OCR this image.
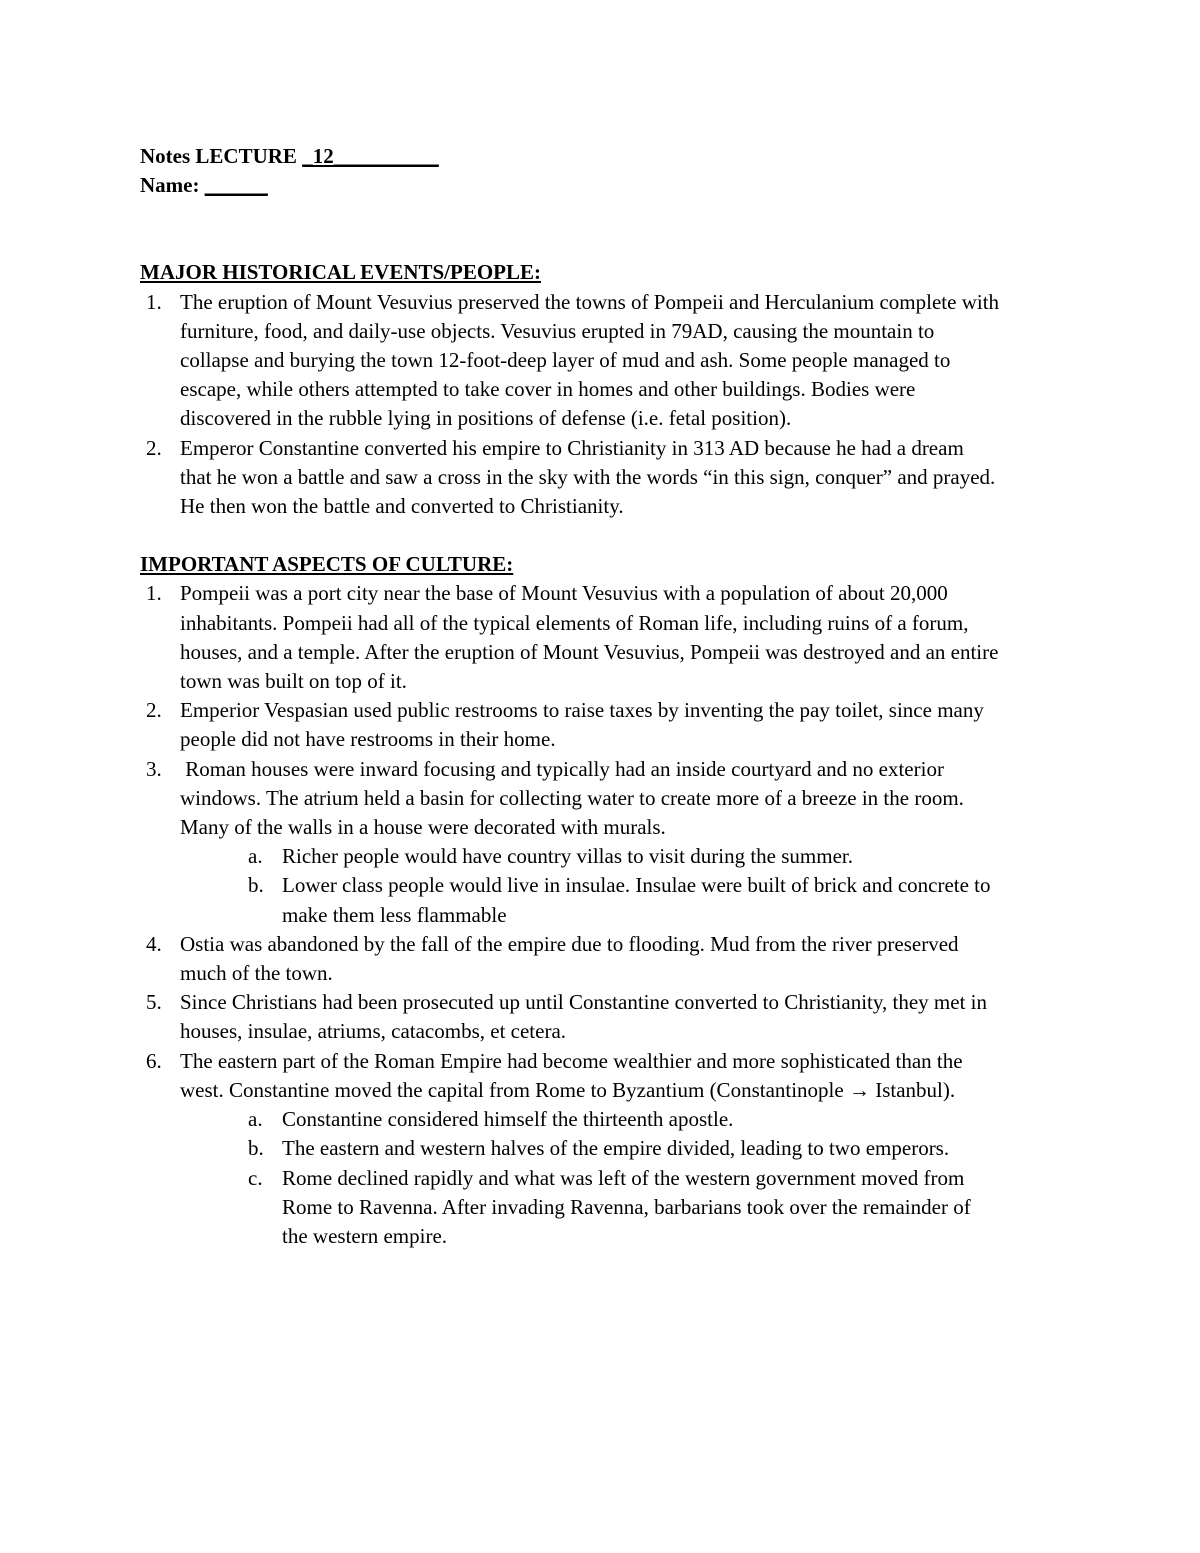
Notes LECTURE _12__________

Name: ______

MAJOR HISTORICAL EVENTS/PEOPLE:

1. The eruption of Mount Vesuvius preserved the towns of Pompeii and Herculanium complete with furniture, food, and daily-use objects. Vesuvius erupted in 79AD, causing the mountain to collapse and burying the town 12-foot-deep layer of mud and ash. Some people managed to escape, while others attempted to take cover in homes and other buildings. Bodies were discovered in the rubble lying in positions of defense (i.e. fetal position).
2. Emperor Constantine converted his empire to Christianity in 313 AD because he had a dream that he won a battle and saw a cross in the sky with the words “in this sign, conquer” and prayed. He then won the battle and converted to Christianity.

IMPORTANT ASPECTS OF CULTURE:

1. Pompeii was a port city near the base of Mount Vesuvius with a population of about 20,000 inhabitants. Pompeii had all of the typical elements of Roman life, including ruins of a forum, houses, and a temple. After the eruption of Mount Vesuvius, Pompeii was destroyed and an entire town was built on top of it.
2. Emperior Vespasian used public restrooms to raise taxes by inventing the pay toilet, since many people did not have restrooms in their home.
3. Roman houses were inward focusing and typically had an inside courtyard and no exterior windows. The atrium held a basin for collecting water to create more of a breeze in the room. Many of the walls in a house were decorated with murals.
a. Richer people would have country villas to visit during the summer.
b. Lower class people would live in insulae. Insulae were built of brick and concrete to make them less flammable
4. Ostia was abandoned by the fall of the empire due to flooding. Mud from the river preserved much of the town.
5. Since Christians had been prosecuted up until Constantine converted to Christianity, they met in houses, insulae, atriums, catacombs, et cetera.
6. The eastern part of the Roman Empire had become wealthier and more sophisticated than the west. Constantine moved the capital from Rome to Byzantium (Constantinople → Istanbul).
a. Constantine considered himself the thirteenth apostle.
b. The eastern and western halves of the empire divided, leading to two emperors.
c. Rome declined rapidly and what was left of the western government moved from Rome to Ravenna. After invading Ravenna, barbarians took over the remainder of the western empire.
